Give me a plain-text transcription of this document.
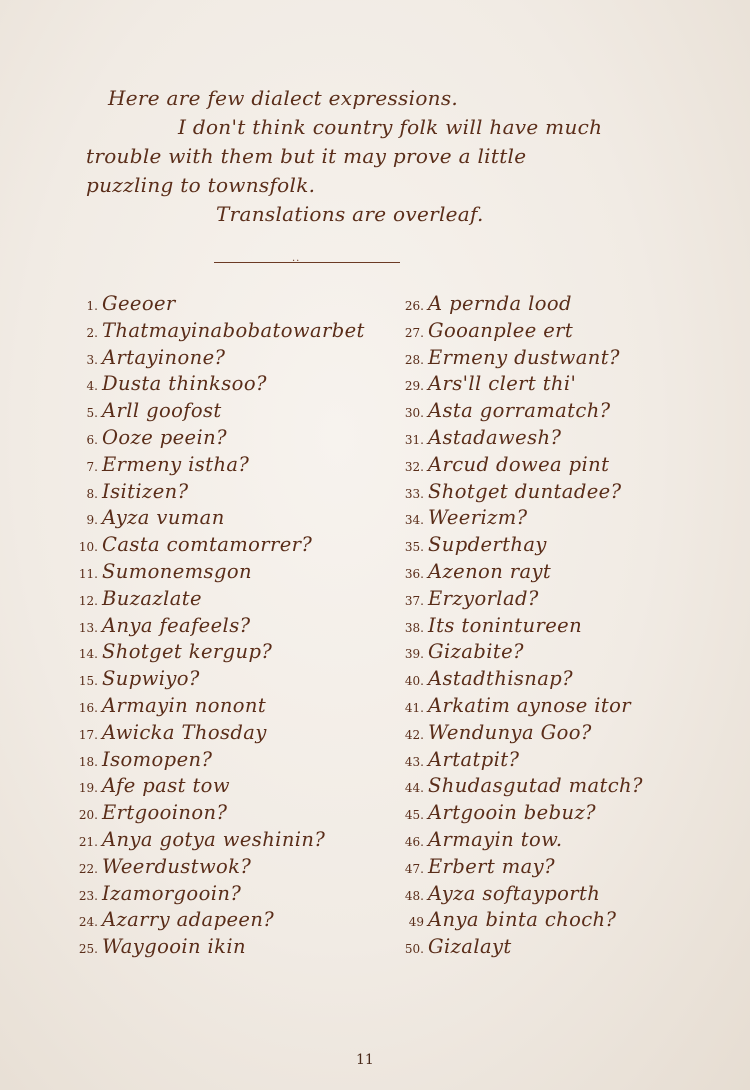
Here are few dialect expressions.
I don't think country folk will have much
trouble with them but it may prove a little
puzzling to townsfolk.
Translations are overleaf.
..
1. Geeoer
2. Thatmayinabobatowarbet
3. Artayinone?
4. Dusta thinksoo?
5. Arll goofost
6. Ooze peein?
7. Ermeny istha?
8. Isitizen?
9. Ayza vuman
10. Casta comtamorrer?
11. Sumonemsgon
12. Buzazlate
13. Anya feafeels?
14. Shotget kergup?
15. Supwiyo?
16. Armayin nonont
17. Awicka Thosday
18. Isomopen?
19. Afe past tow
20. Ertgooinon?
21. Anya gotya weshinin?
22. Weerdustwok?
23. Izamorgooin?
24. Azarry adapeen?
25. Waygooin ikin
26. A pernda lood
27. Gooanplee ert
28. Ermeny dustwant?
29. Ars'll clert thi'
30. Asta gorramatch?
31. Astadawesh?
32. Arcud dowea pint
33. Shotget duntadee?
34. Weerizm?
35. Supderthay
36. Azenon rayt
37. Erzyorlad?
38. Its tonintureen
39. Gizabite?
40. Astadthisnap?
41. Arkatim aynose itor
42. Wendunya Goo?
43. Artatpit?
44. Shudasgutad match?
45. Artgooin bebuz?
46. Armayin tow.
47. Erbert may?
48. Ayza softayporth
49 Anya binta choch?
50. Gizalayt
11
